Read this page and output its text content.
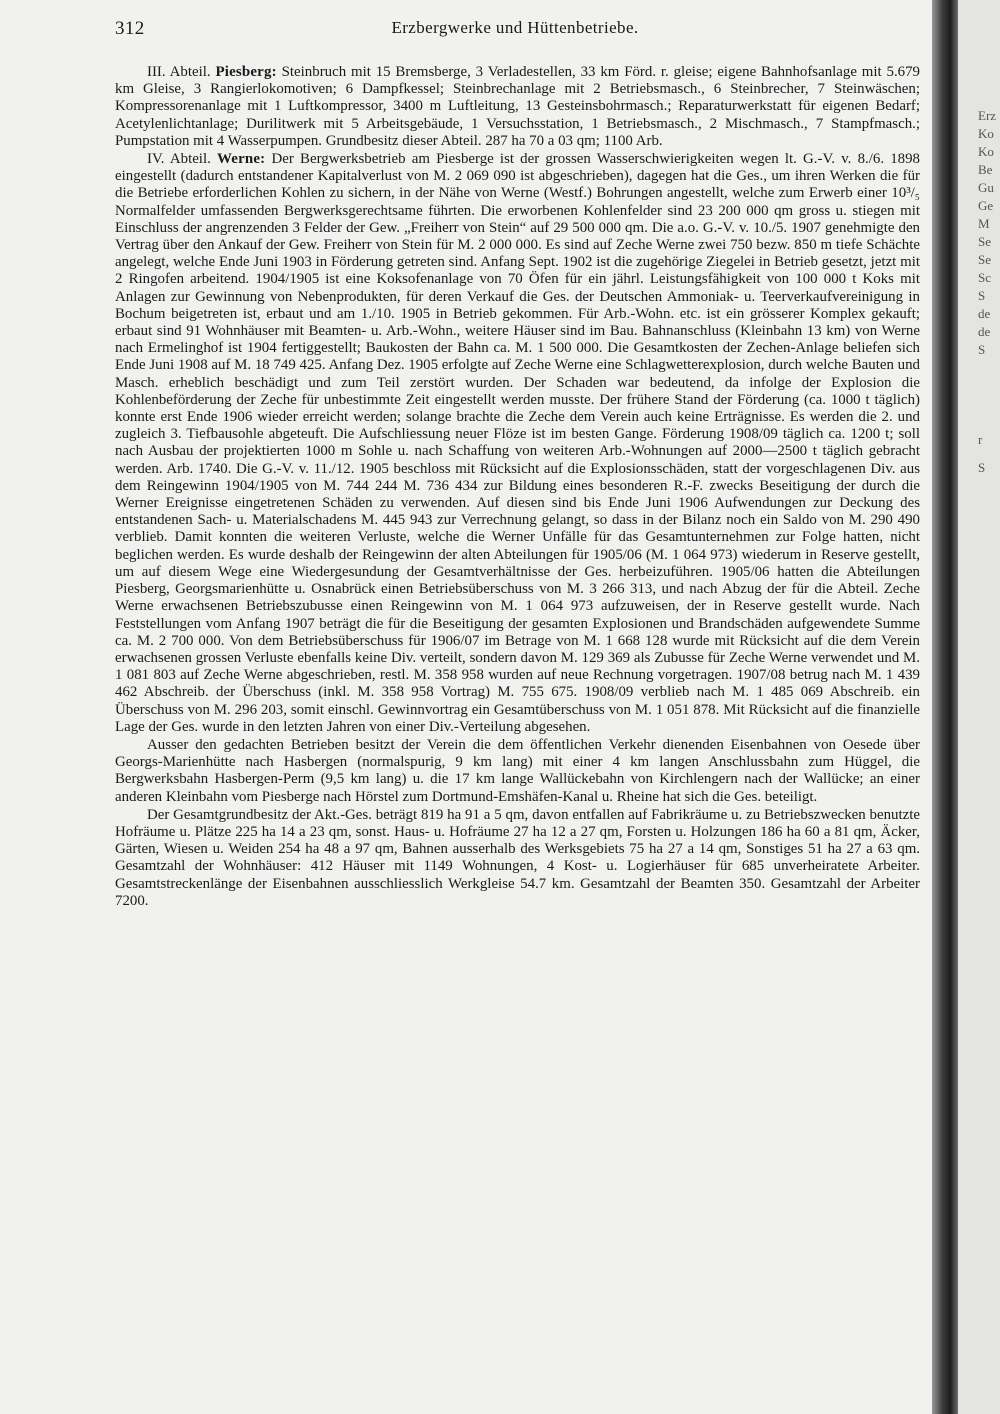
312	Erzbergwerke und Hüttenbetriebe.

III. Abteil. Piesberg: Steinbruch mit 15 Bremsberge, 3 Verladestellen, 33 km Förd. r. gleise; eigene Bahnhofsanlage mit 5.679 km Gleise, 3 Rangierlokomotiven; 6 Dampfkessel; Steinbrechanlage mit 2 Betriebsmasch., 6 Steinbrecher, 7 Steinwäschen; Kompressorenanlage mit 1 Luftkompressor, 3400 m Luftleitung, 13 Gesteinsbohrmasch.; Reparaturwerkstatt für eigenen Bedarf; Acetylenlichtanlage; Durilitwerk mit 5 Arbeitsgebäude, 1 Versuchsstation, 1 Betriebsmasch., 2 Mischmasch., 7 Stampfmasch.; Pumpstation mit 4 Wasserpumpen. Grundbesitz dieser Abteil. 287 ha 70 a 03 qm; 1100 Arb.

IV. Abteil. Werne: Der Bergwerksbetrieb am Piesberge ist der grossen Wasserschwierigkeiten wegen lt. G.-V. v. 8./6. 1898 eingestellt (dadurch entstandener Kapitalverlust von M. 2 069 090 ist abgeschrieben), dagegen hat die Ges., um ihren Werken die für die Betriebe erforderlichen Kohlen zu sichern, in der Nähe von Werne (Westf.) Bohrungen angestellt, welche zum Erwerb einer 10³/₅ Normalfelder umfassenden Bergwerksgerechtsame führten. Die erworbenen Kohlenfelder sind 23 200 000 qm gross u. stiegen mit Einschluss der angrenzenden 3 Felder der Gew. „Freiherr von Stein“ auf 29 500 000 qm. Die a.o. G.-V. v. 10./5. 1907 genehmigte den Vertrag über den Ankauf der Gew. Freiherr von Stein für M. 2 000 000. Es sind auf Zeche Werne zwei 750 bezw. 850 m tiefe Schächte angelegt, welche Ende Juni 1903 in Förderung getreten sind. Anfang Sept. 1902 ist die zugehörige Ziegelei in Betrieb gesetzt, jetzt mit 2 Ringofen arbeitend. 1904/1905 ist eine Koksofenanlage von 70 Öfen für ein jährl. Leistungsfähigkeit von 100 000 t Koks mit Anlagen zur Gewinnung von Nebenprodukten, für deren Verkauf die Ges. der Deutschen Ammoniak- u. Teerverkaufvereinigung in Bochum beigetreten ist, erbaut und am 1./10. 1905 in Betrieb gekommen. Für Arb.-Wohn. etc. ist ein grösserer Komplex gekauft; erbaut sind 91 Wohnhäuser mit Beamten- u. Arb.-Wohn., weitere Häuser sind im Bau. Bahnanschluss (Kleinbahn 13 km) von Werne nach Ermelinghof ist 1904 fertiggestellt; Baukosten der Bahn ca. M. 1 500 000. Die Gesamtkosten der Zechen-Anlage beliefen sich Ende Juni 1908 auf M. 18 749 425. Anfang Dez. 1905 erfolgte auf Zeche Werne eine Schlagwetterexplosion, durch welche Bauten und Masch. erheblich beschädigt und zum Teil zerstört wurden. Der Schaden war bedeutend, da infolge der Explosion die Kohlenbeförderung der Zeche für unbestimmte Zeit eingestellt werden musste. Der frühere Stand der Förderung (ca. 1000 t täglich) konnte erst Ende 1906 wieder erreicht werden; solange brachte die Zeche dem Verein auch keine Erträgnisse. Es werden die 2. und zugleich 3. Tiefbausohle abgeteuft. Die Aufschliessung neuer Flöze ist im besten Gange. Förderung 1908/09 täglich ca. 1200 t; soll nach Ausbau der projektierten 1000 m Sohle u. nach Schaffung von weiteren Arb.-Wohnungen auf 2000—2500 t täglich gebracht werden. Arb. 1740. Die G.-V. v. 11./12. 1905 beschloss mit Rücksicht auf die Explosionsschäden, statt der vorgeschlagenen Div. aus dem Reingewinn 1904/1905 von M. 744 244 M. 736 434 zur Bildung eines besonderen R.-F. zwecks Beseitigung der durch die Werner Ereignisse eingetretenen Schäden zu verwenden. Auf diesen sind bis Ende Juni 1906 Aufwendungen zur Deckung des entstandenen Sach- u. Materialschadens M. 445 943 zur Verrechnung gelangt, so dass in der Bilanz noch ein Saldo von M. 290 490 verblieb. Damit konnten die weiteren Verluste, welche die Werner Unfälle für das Gesamtunternehmen zur Folge hatten, nicht beglichen werden. Es wurde deshalb der Reingewinn der alten Abteilungen für 1905/06 (M. 1 064 973) wiederum in Reserve gestellt, um auf diesem Wege eine Wiedergesundung der Gesamtverhältnisse der Ges. herbeizuführen. 1905/06 hatten die Abteilungen Piesberg, Georgsmarienhütte u. Osnabrück einen Betriebsüberschuss von M. 3 266 313, und nach Abzug der für die Abteil. Zeche Werne erwachsenen Betriebszubusse einen Reingewinn von M. 1 064 973 aufzuweisen, der in Reserve gestellt wurde. Nach Feststellungen vom Anfang 1907 beträgt die für die Beseitigung der gesamten Explosionen und Brandschäden aufgewendete Summe ca. M. 2 700 000. Von dem Betriebsüberschuss für 1906/07 im Betrage von M. 1 668 128 wurde mit Rücksicht auf die dem Verein erwachsenen grossen Verluste ebenfalls keine Div. verteilt, sondern davon M. 129 369 als Zubusse für Zeche Werne verwendet und M. 1 081 803 auf Zeche Werne abgeschrieben, restl. M. 358 958 wurden auf neue Rechnung vorgetragen. 1907/08 betrug nach M. 1 439 462 Abschreib. der Überschuss (inkl. M. 358 958 Vortrag) M. 755 675. 1908/09 verblieb nach M. 1 485 069 Abschreib. ein Überschuss von M. 296 203, somit einschl. Gewinnvortrag ein Gesamtüberschuss von M. 1 051 878. Mit Rücksicht auf die finanzielle Lage der Ges. wurde in den letzten Jahren von einer Div.-Verteilung abgesehen.

Ausser den gedachten Betrieben besitzt der Verein die dem öffentlichen Verkehr dienenden Eisenbahnen von Oesede über Georgs-Marienhütte nach Hasbergen (normalspurig, 9 km lang) mit einer 4 km langen Anschlussbahn zum Hüggel, die Bergwerksbahn Hasbergen-Perm (9,5 km lang) u. die 17 km lange Wallückebahn von Kirchlengern nach der Wallücke; an einer anderen Kleinbahn vom Piesberge nach Hörstel zum Dortmund-Emshäfen-Kanal u. Rheine hat sich die Ges. beteiligt.

Der Gesamtgrundbesitz der Akt.-Ges. beträgt 819 ha 91 a 5 qm, davon entfallen auf Fabrikräume u. zu Betriebszwecken benutzte Hofräume u. Plätze 225 ha 14 a 23 qm, sonst. Haus- u. Hofräume 27 ha 12 a 27 qm, Forsten u. Holzungen 186 ha 60 a 81 qm, Äcker, Gärten, Wiesen u. Weiden 254 ha 48 a 97 qm, Bahnen ausserhalb des Werksgebiets 75 ha 27 a 14 qm, Sonstiges 51 ha 27 a 63 qm. Gesamtzahl der Wohnhäuser: 412 Häuser mit 1149 Wohnungen, 4 Kost- u. Logierhäuser für 685 unverheiratete Arbeiter. Gesamtstreckenlänge der Eisenbahnen ausschliesslich Werkgleise 54.7 km. Gesamtzahl der Beamten 350. Gesamtzahl der Arbeiter 7200.

Erz
Ko
Ko
Be
Gu
Ge
M
Se
Se
Sc
S
de
de
S
r
S
